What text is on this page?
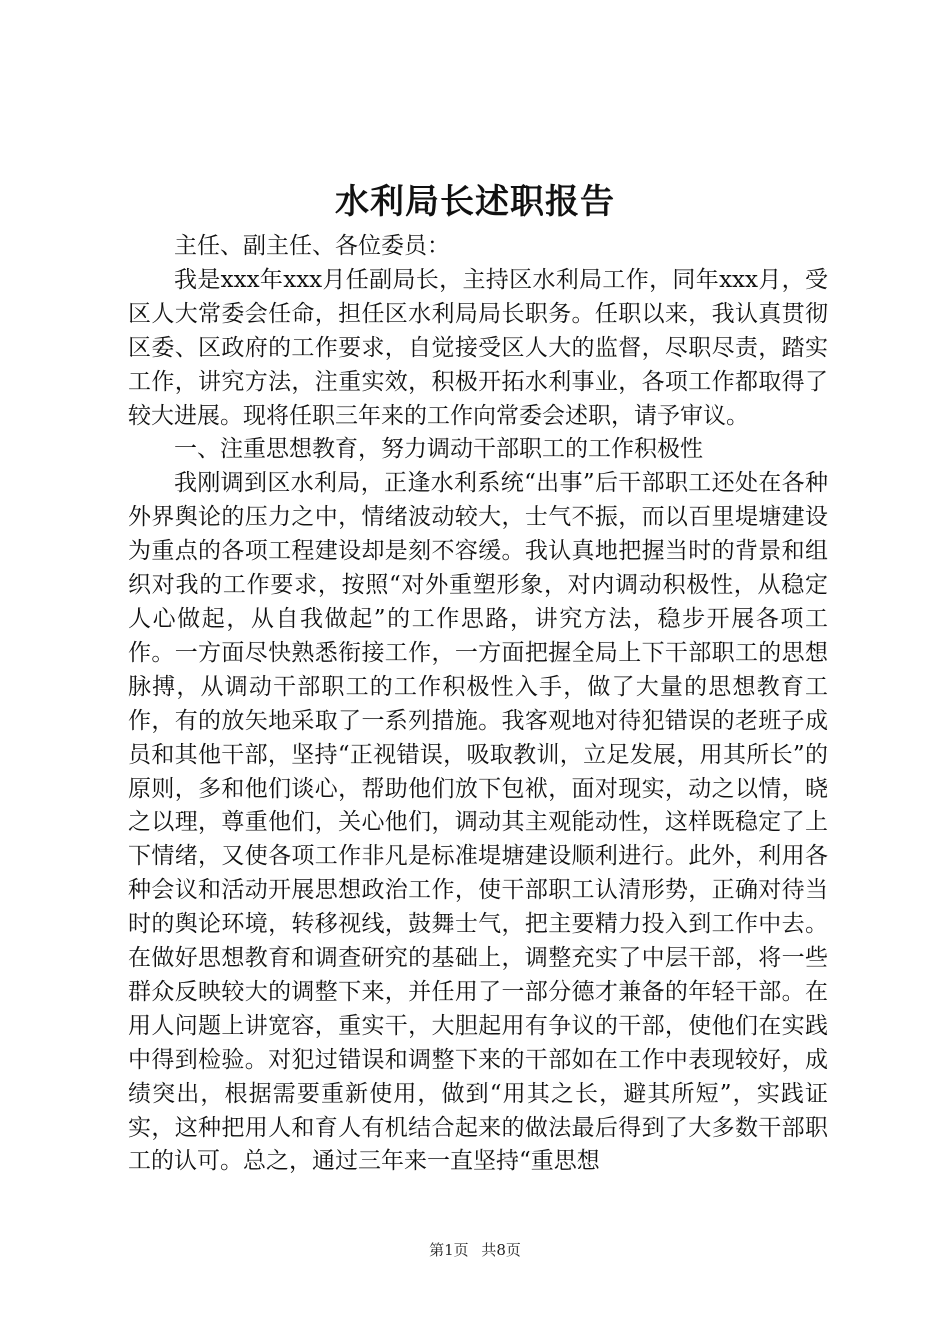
水利局长述职报告

主任、副主任、各位委员：

我是xxx年xxx月任副局长，主持区水利局工作，同年xxx月，受区人大常委会任命，担任区水利局局长职务。任职以来，我认真贯彻区委、区政府的工作要求，自觉接受区人大的监督，尽职尽责，踏实工作，讲究方法，注重实效，积极开拓水利事业，各项工作都取得了较大进展。现将任职三年来的工作向常委会述职，请予审议。

一、注重思想教育，努力调动干部职工的工作积极性

我刚调到区水利局，正逢水利系统“出事”后干部职工还处在各种外界舆论的压力之中，情绪波动较大，士气不振，而以百里堤塘建设为重点的各项工程建设却是刻不容缓。我认真地把握当时的背景和组织对我的工作要求，按照“对外重塑形象，对内调动积极性，从稳定人心做起，从自我做起”的工作思路，讲究方法，稳步开展各项工作。一方面尽快熟悉衔接工作，一方面把握全局上下干部职工的思想脉搏，从调动干部职工的工作积极性入手，做了大量的思想教育工作，有的放矢地采取了一系列措施。我客观地对待犯错误的老班子成员和其他干部，坚持“正视错误，吸取教训，立足发展，用其所长”的原则，多和他们谈心，帮助他们放下包袱，面对现实，动之以情，晓之以理，尊重他们，关心他们，调动其主观能动性，这样既稳定了上下情绪，又使各项工作非凡是标准堤塘建设顺利进行。此外，利用各种会议和活动开展思想政治工作，使干部职工认清形势，正确对待当时的舆论环境，转移视线，鼓舞士气，把主要精力投入到工作中去。在做好思想教育和调查研究的基础上，调整充实了中层干部，将一些群众反映较大的调整下来，并任用了一部分德才兼备的年轻干部。在用人问题上讲宽容，重实干，大胆起用有争议的干部，使他们在实践中得到检验。对犯过错误和调整下来的干部如在工作中表现较好，成绩突出，根据需要重新使用，做到“用其之长，避其所短”，实践证实，这种把用人和育人有机结合起来的做法最后得到了大多数干部职工的认可。总之，通过三年来一直坚持“重思想

第1页 共8页
